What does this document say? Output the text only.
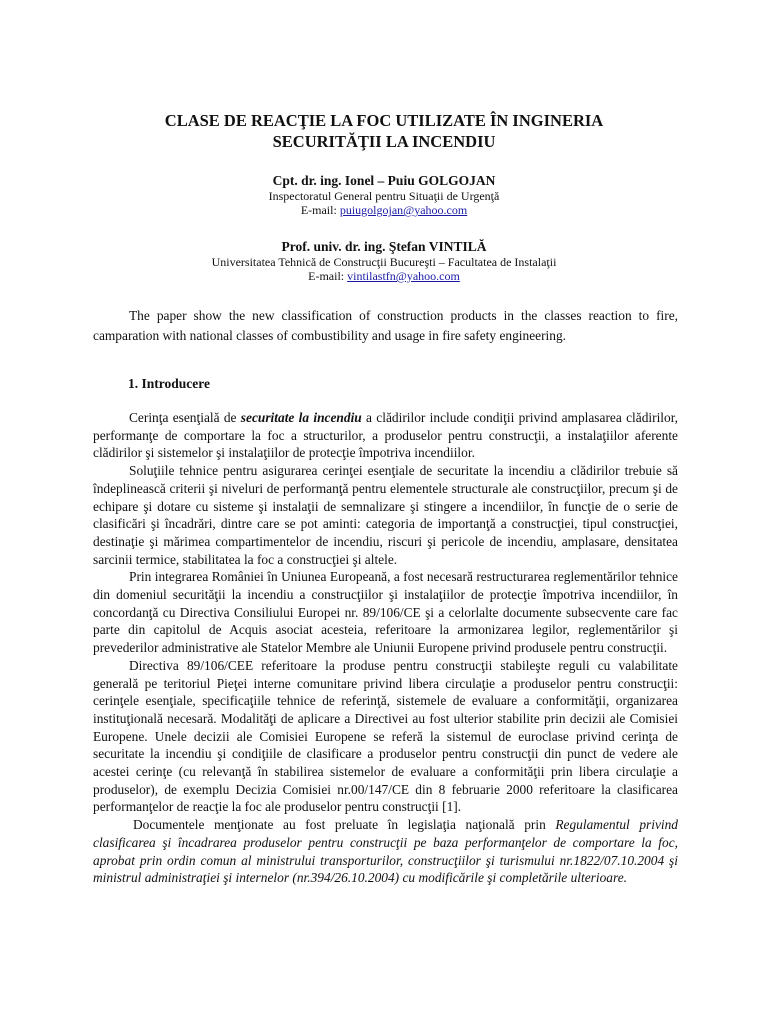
CLASE DE REACŢIE LA FOC UTILIZATE ÎN INGINERIA
SECURITĂŢII LA INCENDIU
Cpt. dr. ing. Ionel – Puiu GOLGOJAN
Inspectoratul General pentru Situaţii de Urgenţă
E-mail: puiugolgojan@yahoo.com
Prof. univ. dr. ing. Ştefan VINTILĂ
Universitatea Tehnică de Construcţii Bucureşti – Facultatea de Instalaţii
E-mail: vintilastfn@yahoo.com

The paper show the new classification of construction products in the classes reaction to fire, camparation with national classes of combustibility and usage in fire safety engineering.

1. Introducere

Cerinţa esenţială de securitate la incendiu a clădirilor include condiţii privind amplasarea clădirilor, performanţe de comportare la foc a structurilor, a produselor pentru construcţii, a instalaţiilor aferente clădirilor şi sistemelor şi instalaţiilor de protecţie împotriva incendiilor.

Soluţiile tehnice pentru asigurarea cerinţei esenţiale de securitate la incendiu a clădirilor trebuie să îndeplinească criterii şi niveluri de performanţă pentru elementele structurale ale construcţiilor, precum şi de echipare şi dotare cu sisteme şi instalaţii de semnalizare şi stingere a incendiilor, în funcţie de o serie de clasificări şi încadrări, dintre care se pot aminti: categoria de importanţă a construcţiei, tipul construcţiei, destinaţie şi mărimea compartimentelor de incendiu, riscuri şi pericole de incendiu, amplasare, densitatea sarcinii termice, stabilitatea la foc a construcţiei şi altele.

Prin integrarea României în Uniunea Europeană, a fost necesară restructurarea reglementărilor tehnice din domeniul securităţii la incendiu a construcţiilor şi instalaţiilor de protecţie împotriva incendiilor, în concordanţă cu Directiva Consiliului Europei nr. 89/106/CE şi a celorlalte documente subsecvente care fac parte din capitolul de Acquis asociat acesteia, referitoare la armonizarea legilor, reglementărilor şi prevederilor administrative ale Statelor Membre ale Uniunii Europene privind produsele pentru construcţii.

Directiva 89/106/CEE referitoare la produse pentru construcţii stabileşte reguli cu valabilitate generală pe teritoriul Pieţei interne comunitare privind libera circulaţie a produselor pentru construcţii: cerinţele esenţiale, specificaţiile tehnice de referinţă, sistemele de evaluare a conformităţii, organizarea instituţională necesară. Modalităţi de aplicare a Directivei au fost ulterior stabilite prin decizii ale Comisiei Europene. Unele decizii ale Comisiei Europene se referă la sistemul de euroclase privind cerinţa de securitate la incendiu şi condiţiile de clasificare a produselor pentru construcţii din punct de vedere ale acestei cerinţe (cu relevanţă în stabilirea sistemelor de evaluare a conformităţii prin libera circulaţie a produselor), de exemplu Decizia Comisiei nr.00/147/CE din 8 februarie 2000 referitoare la clasificarea performanţelor de reacţie la foc ale produselor pentru construcţii [1].

Documentele menţionate au fost preluate în legislaţia naţională prin Regulamentul privind clasificarea şi încadrarea produselor pentru construcţii pe baza performanţelor de comportare la foc, aprobat prin ordin comun al ministrului transporturilor, construcţiilor şi turismului nr.1822/07.10.2004 şi ministrul administraţiei şi internelor (nr.394/26.10.2004) cu modificările şi completările ulterioare.
